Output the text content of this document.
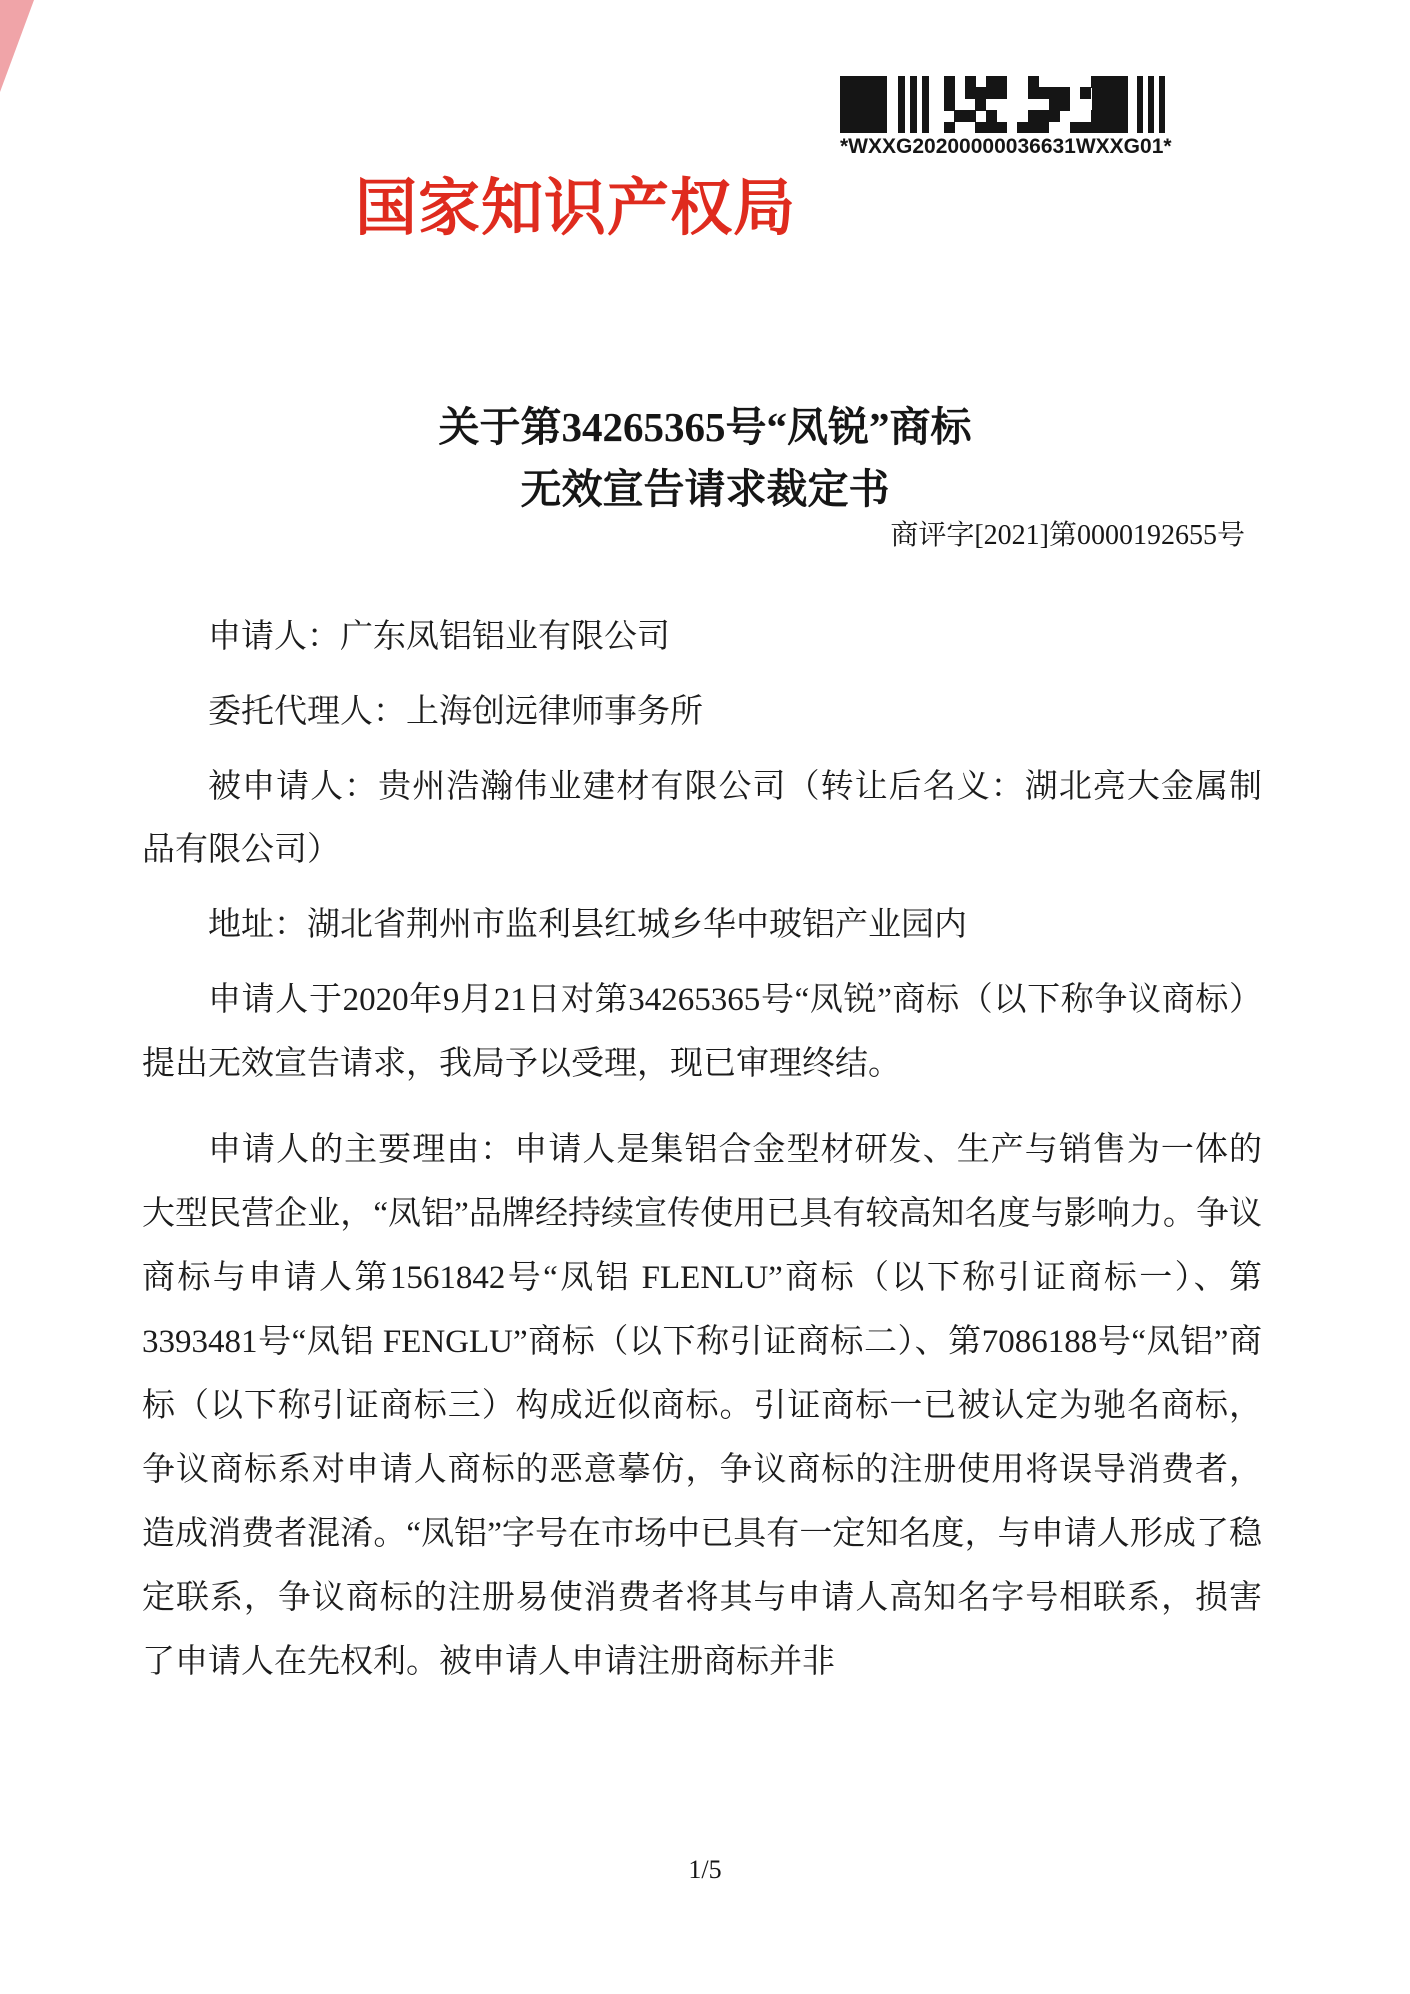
*WXXG20200000036631WXXG01*
国家知识产权局
关于第34265365号“凤锐”商标
无效宣告请求裁定书
商评字[2021]第0000192655号

申请人：广东凤铝铝业有限公司

委托代理人：上海创远律师事务所

被申请人：贵州浩瀚伟业建材有限公司（转让后名义：湖北亮大金属制品有限公司）

地址：湖北省荆州市监利县红城乡华中玻铝产业园内

申请人于2020年9月21日对第34265365号“凤锐”商标（以下称争议商标）提出无效宣告请求，我局予以受理，现已审理终结。

申请人的主要理由：申请人是集铝合金型材研发、生产与销售为一体的大型民营企业，“凤铝”品牌经持续宣传使用已具有较高知名度与影响力。争议商标与申请人第1561842号“凤铝 FLENLU”商标（以下称引证商标一）、第3393481号“凤铝 FENGLU”商标（以下称引证商标二）、第7086188号“凤铝”商标（以下称引证商标三）构成近似商标。引证商标一已被认定为驰名商标，争议商标系对申请人商标的恶意摹仿，争议商标的注册使用将误导消费者，造成消费者混淆。“凤铝”字号在市场中已具有一定知名度，与申请人形成了稳定联系，争议商标的注册易使消费者将其与申请人高知名字号相联系，损害了申请人在先权利。被申请人申请注册商标并非

1/5
